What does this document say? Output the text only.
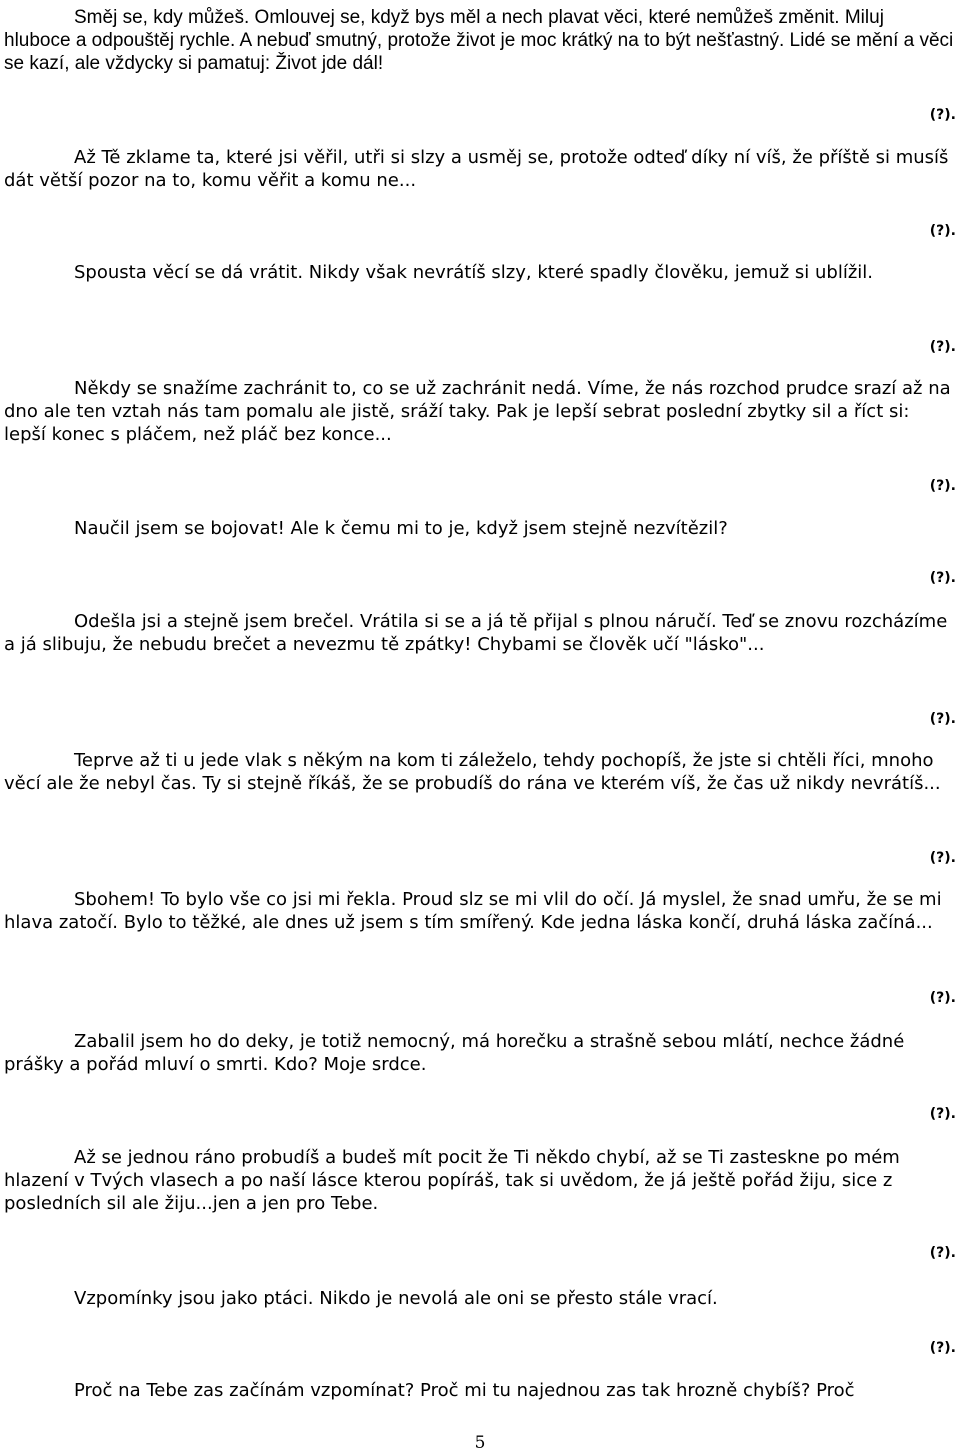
Směj se, kdy můžeš. Omlouvej se, když bys měl a nech plavat věci, které nemůžeš změnit. Miluj hluboce a odpouštěj rychle. A nebuď smutný, protože život je moc krátký na to být nešťastný. Lidé se mění a věci se kazí, ale vždycky si pamatuj: Život jde dál!

(?).

Až Tě zklame ta, které jsi věřil, utři si slzy a usměj se, protože odteď díky ní víš, že příště si musíš dát větší pozor na to, komu věřit a komu ne...

(?).

Spousta věcí se dá vrátit. Nikdy však nevrátíš slzy, které spadly člověku, jemuž si ublížil.

(?).

Někdy se snažíme zachránit to, co se už zachránit nedá. Víme, že nás rozchod prudce srazí až na dno ale ten vztah nás tam pomalu ale jistě, sráží taky. Pak je lepší sebrat poslední zbytky sil a říct si: lepší konec s pláčem, než pláč bez konce...

(?).

Naučil jsem se bojovat! Ale k čemu mi to je, když jsem stejně nezvítězil?

(?).

Odešla jsi a stejně jsem brečel. Vrátila si se a já tě přijal s plnou náručí. Teď se znovu rozcházíme a já slibuju, že nebudu brečet a nevezmu tě zpátky! Chybami se člověk učí "lásko"...

(?).

Teprve až ti u jede vlak s někým na kom ti záleželo, tehdy pochopíš, že jste si chtěli říci, mnoho věcí ale že nebyl čas. Ty si stejně říkáš, že se probudíš do rána ve kterém víš, že čas už nikdy nevrátíš...

(?).

Sbohem! To bylo vše co jsi mi řekla. Proud slz se mi vlil do očí. Já myslel, že snad umřu, že se mi hlava zatočí. Bylo to těžké, ale dnes už jsem s tím smířený. Kde jedna láska končí, druhá láska začíná...

(?).

Zabalil jsem ho do deky, je totiž nemocný, má horečku a strašně sebou mlátí, nechce žádné prášky a pořád mluví o smrti. Kdo? Moje srdce.

(?).

Až se jednou ráno probudíš a budeš mít pocit že Ti někdo chybí, až se Ti zasteskne po mém hlazení v Tvých vlasech a po naší lásce kterou popíráš, tak si uvědom, že já ještě pořád žiju, sice z posledních sil ale žiju...jen a jen pro Tebe.

(?).

Vzpomínky jsou jako ptáci. Nikdo je nevolá ale oni se přesto stále vrací.

(?).

Proč na Tebe zas začínám vzpomínat? Proč mi tu najednou zas tak hrozně chybíš? Proč

5
